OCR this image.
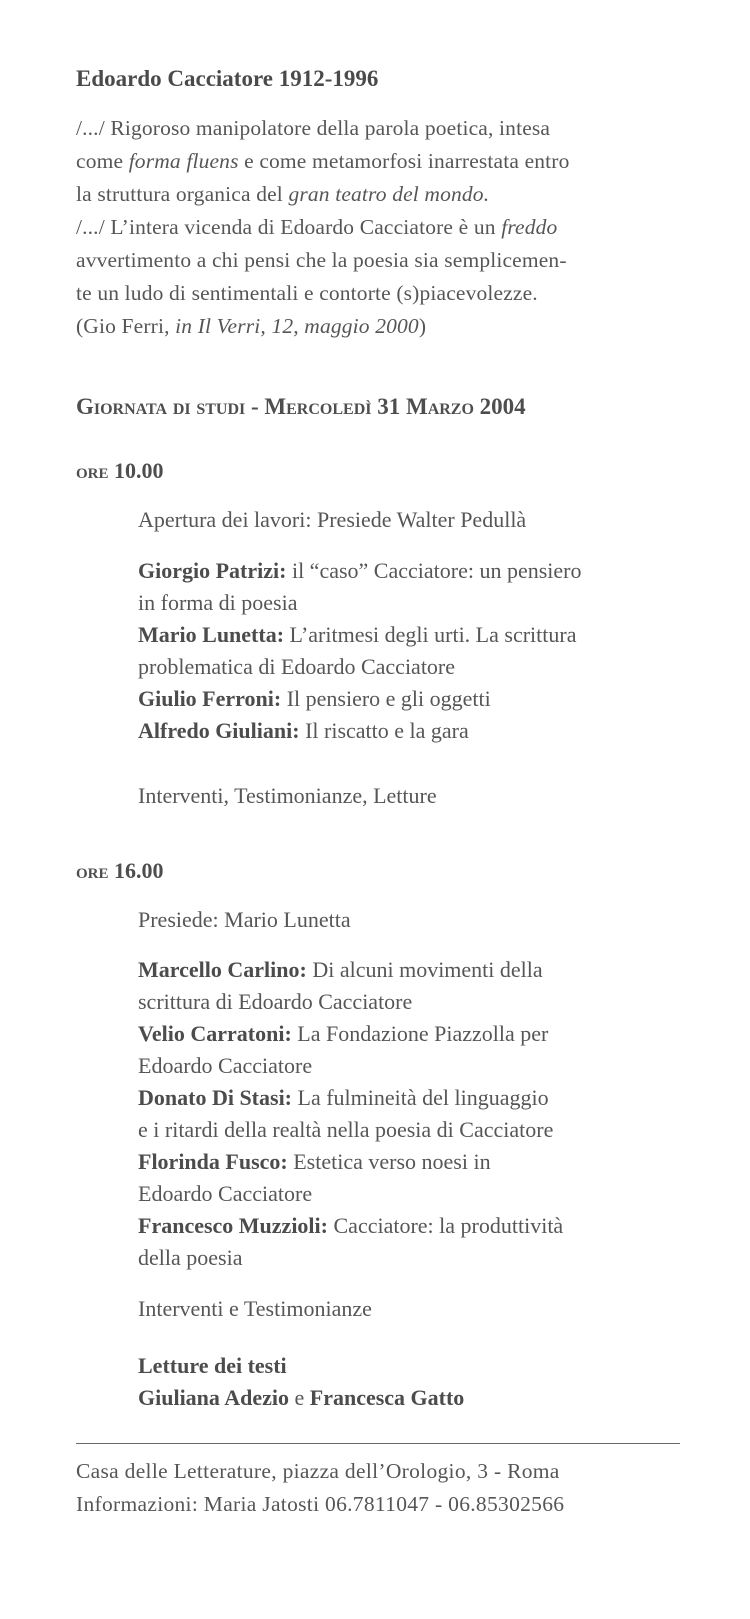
Edoardo Cacciatore 1912-1996

/.../ Rigoroso manipolatore della parola poetica, intesa

come forma fluens e come metamorfosi inarrestata entro

la struttura organica del gran teatro del mondo.

/.../ L’intera vicenda di Edoardo Cacciatore è un freddo

avvertimento a chi pensi che la poesia sia semplicemen-

te un ludo di sentimentali e contorte (s)piacevolezze.

(Gio Ferri, in Il Verri, 12, maggio 2000)

Giornata di studi - Mercoledì 31 Marzo 2004
ore 10.00
Apertura dei lavori: Presiede Walter Pedullà

Giorgio Patrizi: il “caso” Cacciatore: un pensiero

in forma di poesia

Mario Lunetta: L’aritmesi degli urti. La scrittura

problematica di Edoardo Cacciatore

Giulio Ferroni: Il pensiero e gli oggetti

Alfredo Giuliani: Il riscatto e la gara

Interventi, Testimonianze, Letture
ore 16.00
Presiede: Mario Lunetta

Marcello Carlino: Di alcuni movimenti della

scrittura di Edoardo Cacciatore

Velio Carratoni: La Fondazione Piazzolla per

Edoardo Cacciatore

Donato Di Stasi: La fulmineità del linguaggio

e i ritardi della realtà nella poesia di Cacciatore

Florinda Fusco: Estetica verso noesi in

Edoardo Cacciatore

Francesco Muzzioli: Cacciatore: la produttività

della poesia

Interventi e Testimonianze

Letture dei testi

Giuliana Adezio e Francesca Gatto

Casa delle Letterature, piazza dell’Orologio, 3 - Roma

Informazioni: Maria Jatosti 06.7811047 - 06.85302566
